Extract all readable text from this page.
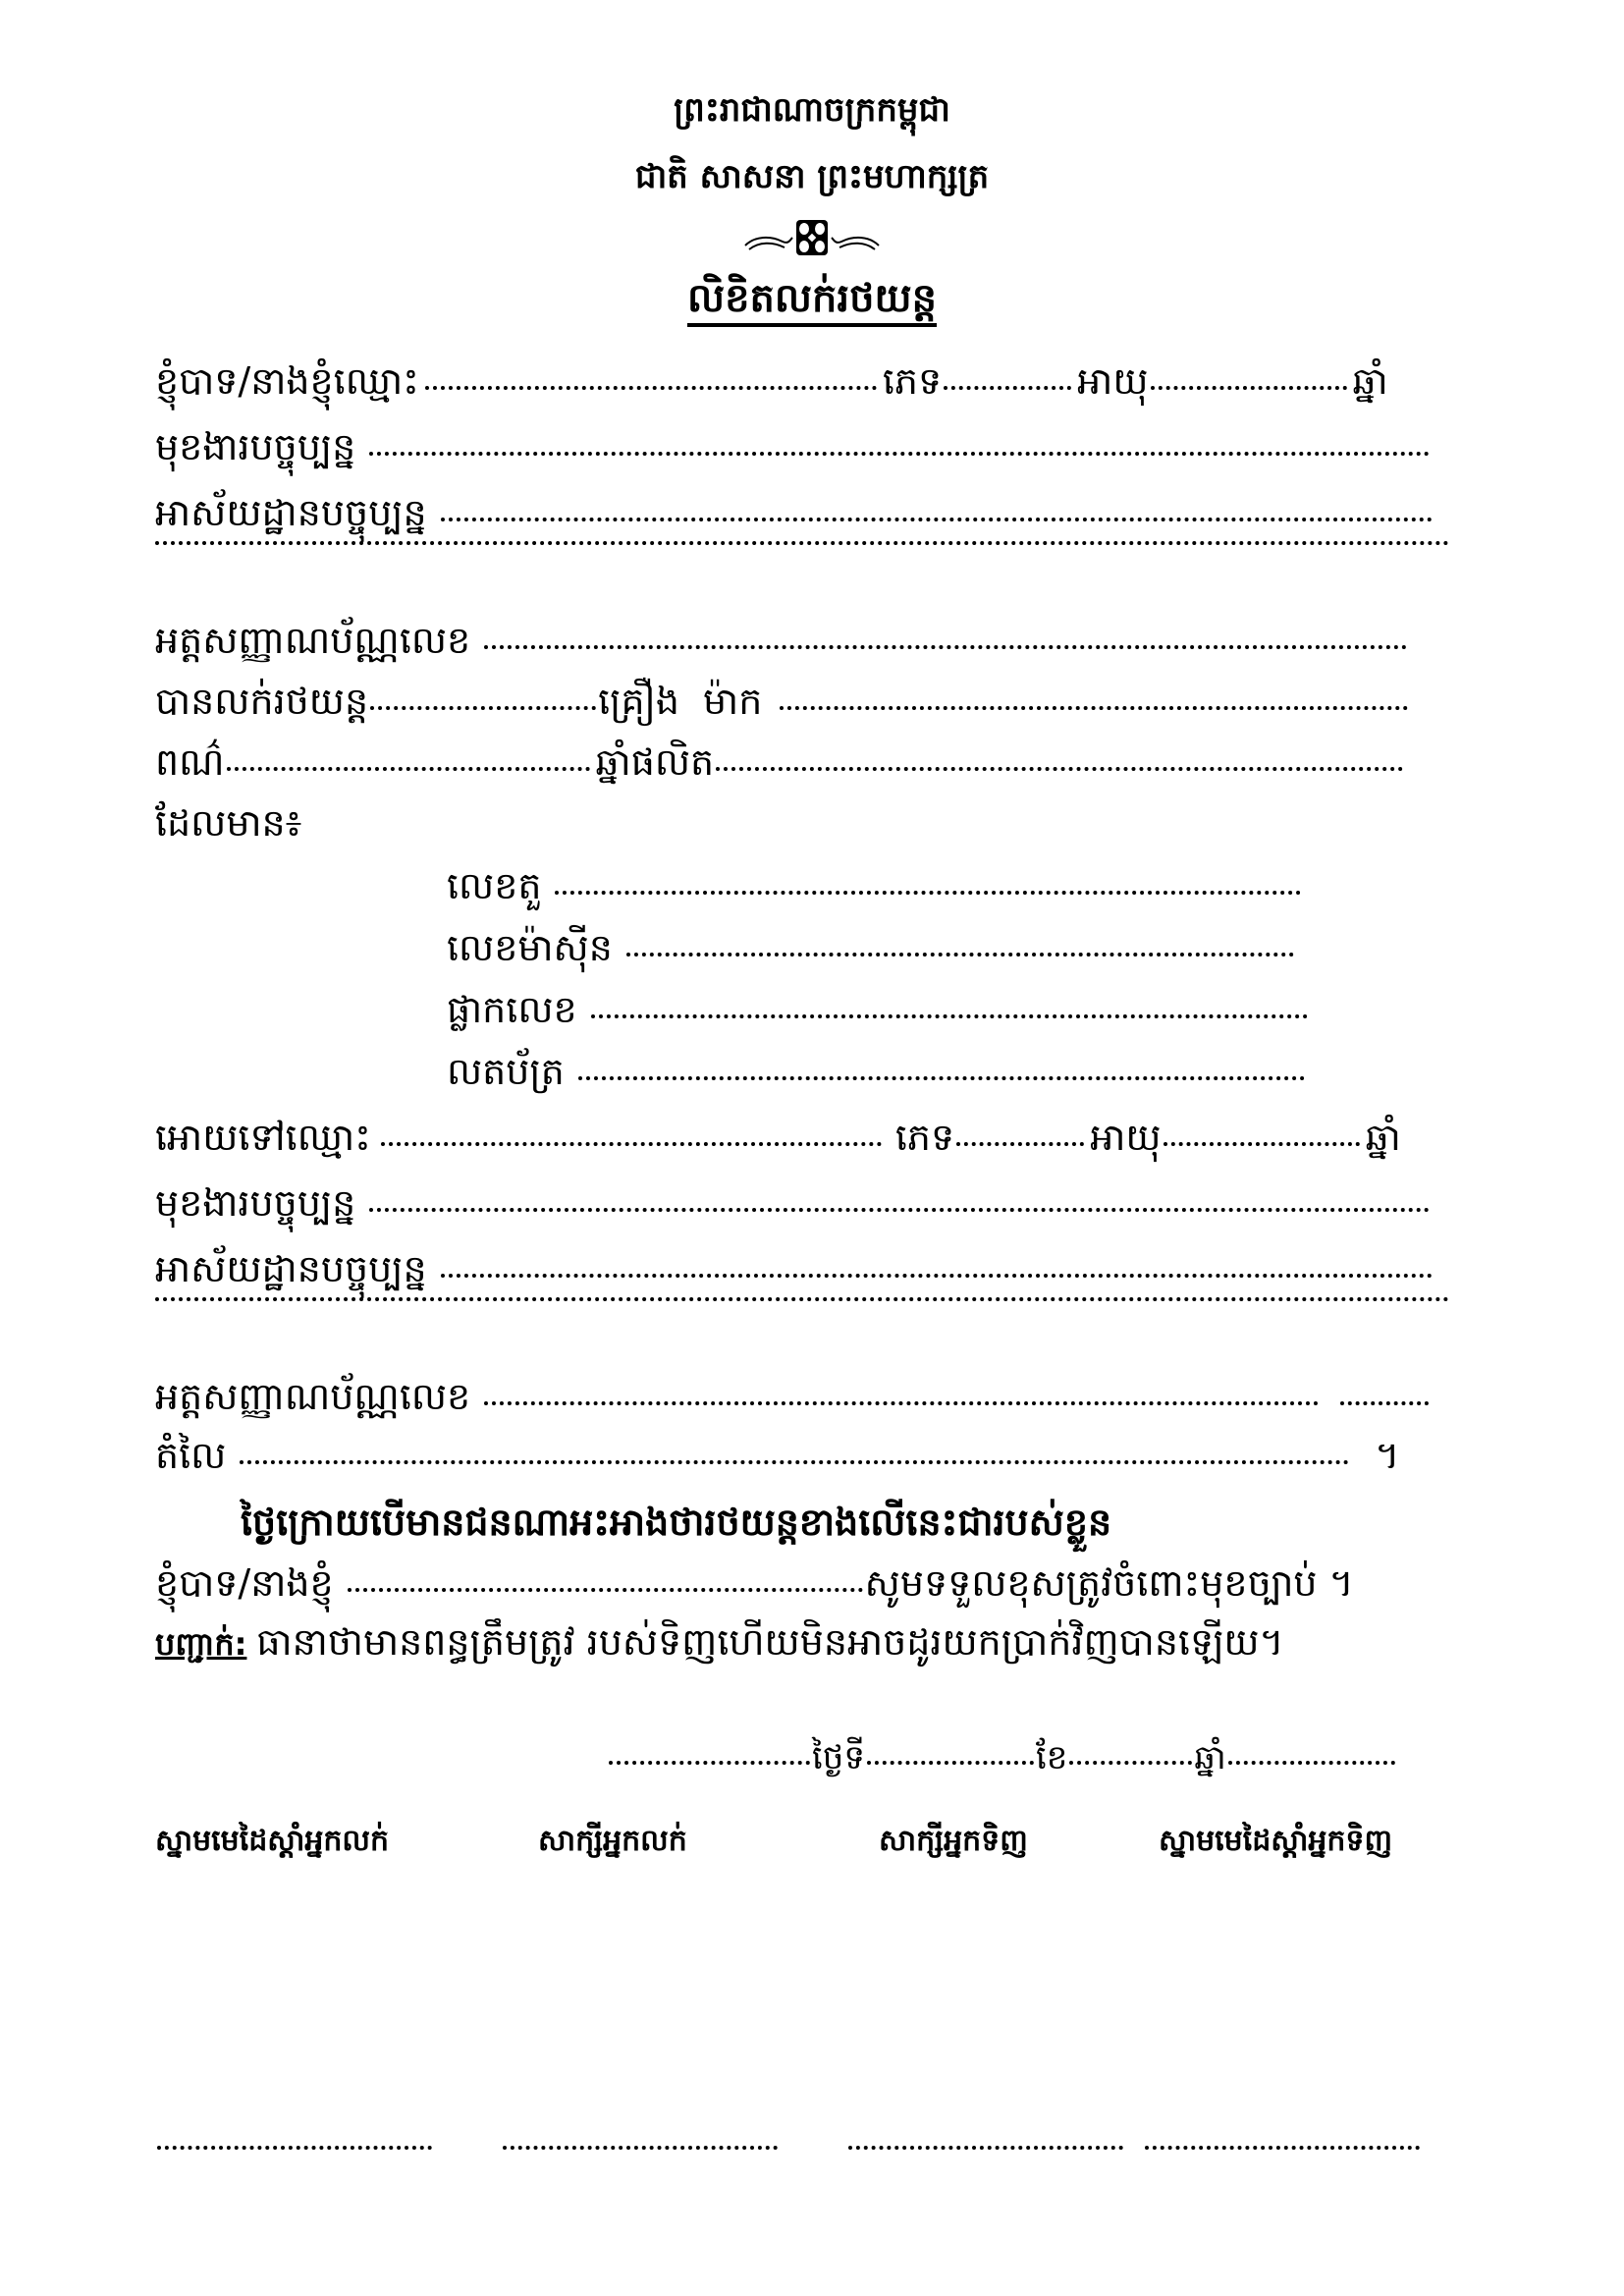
ព្រះរាជាណាចក្រកម្ពុជា
ជាតិ សាសនា ព្រះមហាក្សត្រ
លិខិតលក់រថយន្ត
ខ្ញុំបាទ/នាងខ្ញុំឈ្មោះ	ភេទ	អាយុ	ឆ្នាំ
មុខងារបច្ចុប្បន្ន
អាស័យដ្ឋានបច្ចុប្បន្ន
អត្តសញ្ញាណប័ណ្ណលេខ
បានលក់រថយន្ត	គ្រឿង ម៉ាក
ពណ៌	ឆ្នាំផលិត
ដែលមាន៖
លេខតួ
លេខម៉ាស៊ីន
ផ្លាកលេខ
លតប័ត្រ
អោយទៅឈ្មោះ	ភេទ	អាយុ	ឆ្នាំ
មុខងារបច្ចុប្បន្ន
អាស័យដ្ឋានបច្ចុប្បន្ន
អត្តសញ្ញាណប័ណ្ណលេខ
តំលៃ	។
ថ្ងៃក្រោយបើមានជនណាអះអាងថារថយន្តខាងលើនេះជារបស់ខ្លួន
ខ្ញុំបាទ/នាងខ្ញុំ	សូមទទួលខុសត្រូវចំពោះមុខច្បាប់ ។
បញ្ជាក់: ធានាថាមានពន្ធត្រឹមត្រូវ របស់ទិញហើយមិនអាចដូរយកប្រាក់វិញបានឡើយ។
ថ្ងៃទី	ខែ	ឆ្នាំ
ស្នាមមេដៃស្តាំអ្នកលក់	សាក្សីអ្នកលក់	សាក្សីអ្នកទិញ	ស្នាមមេដៃស្តាំអ្នកទិញ
